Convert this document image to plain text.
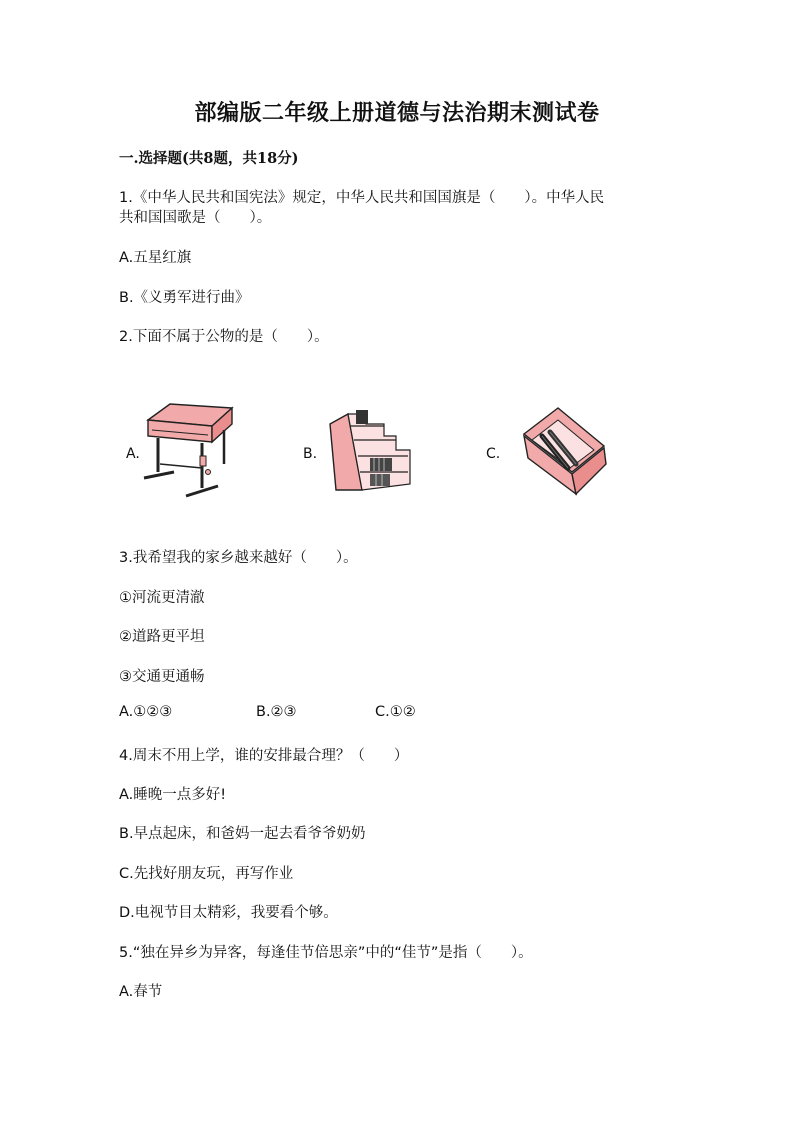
部编版二年级上册道德与法治期末测试卷
一.选择题(共8题，共18分)
1.《中华人民共和国宪法》规定，中华人民共和国国旗是（　　）。中华人民
共和国国歌是（　　）。
A.五星红旗
B.《义勇军进行曲》
2.下面不属于公物的是（　　）。
A.	B.	C.
3.我希望我的家乡越来越好（　　）。
①河流更清澈
②道路更平坦
③交通更通畅
A.①②③	B.②③	C.①②
4.周末不用上学，谁的安排最合理？（　　）
A.睡晚一点多好!
B.早点起床，和爸妈一起去看爷爷奶奶
C.先找好朋友玩，再写作业
D.电视节目太精彩，我要看个够。
5.“独在异乡为异客，每逢佳节倍思亲”中的“佳节”是指（　　）。
A.春节
